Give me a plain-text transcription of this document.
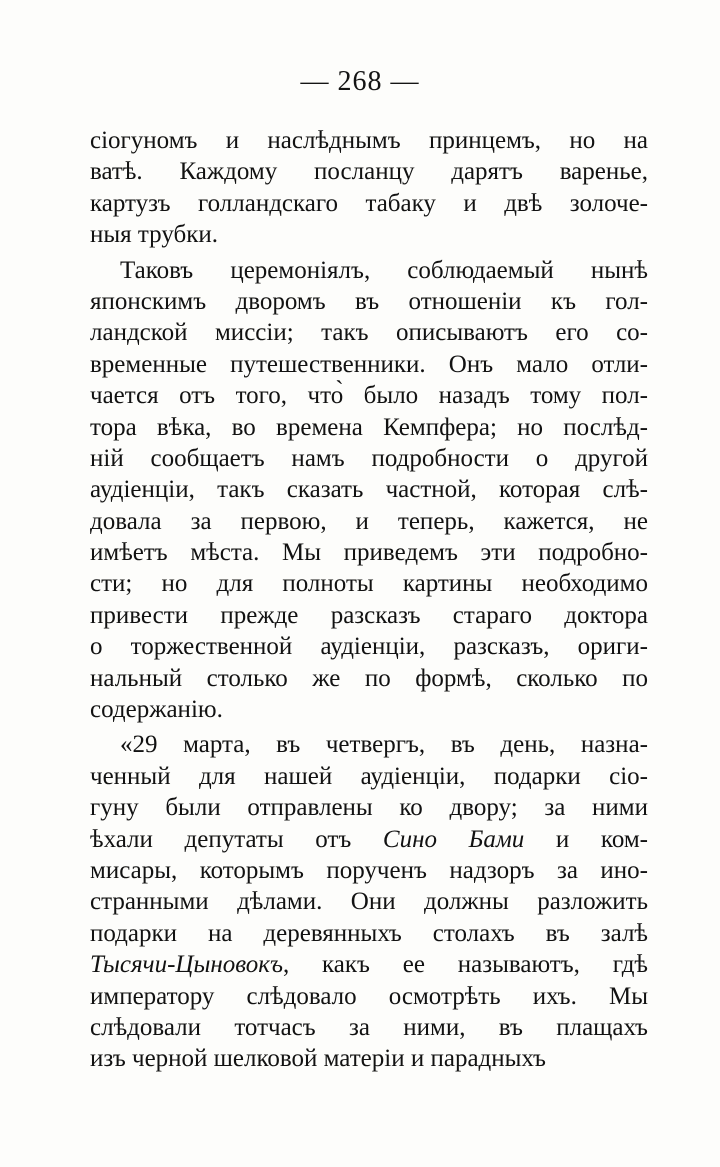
— 268 —
сіогуномъ и наслѣднымъ принцемъ, но на
ватѣ. Каждому посланцу дарятъ варенье,
картузъ голландскаго табаку и двѣ золоче-
ныя трубки.
Таковъ церемоніялъ, соблюдаемый нынѣ
японскимъ дворомъ въ отношеніи къ гол-
ландской миссіи; такъ описываютъ его со-
временные путешественники. Онъ мало отли-
чается отъ того, что̀ было назадъ тому пол-
тора вѣка, во времена Кемпфера; но послѣд-
ній сообщаетъ намъ подробности о другой
аудіенціи, такъ сказать частной, которая слѣ-
довала за первою, и теперь, кажется, не
имѣетъ мѣста. Мы приведемъ эти подробно-
сти; но для полноты картины необходимо
привести прежде разсказъ стараго доктора
о торжественной аудіенціи, разсказъ, ориги-
нальный столько же по формѣ, сколько по
содержанію.
«29 марта, въ четвергъ, въ день, назна-
ченный для нашей аудіенціи, подарки сіо-
гуну были отправлены ко двору; за ними
ѣхали депутаты отъ Сино Бами и ком-
мисары, которымъ порученъ надзоръ за ино-
странными дѣлами. Они должны разложить
подарки на деревянныхъ столахъ въ залѣ
Тысячи-Цыновокъ, какъ ее называютъ, гдѣ
императору слѣдовало осмотрѣть ихъ. Мы
слѣдовали тотчасъ за ними, въ плащахъ
изъ черной шелковой матеріи и парадныхъ
